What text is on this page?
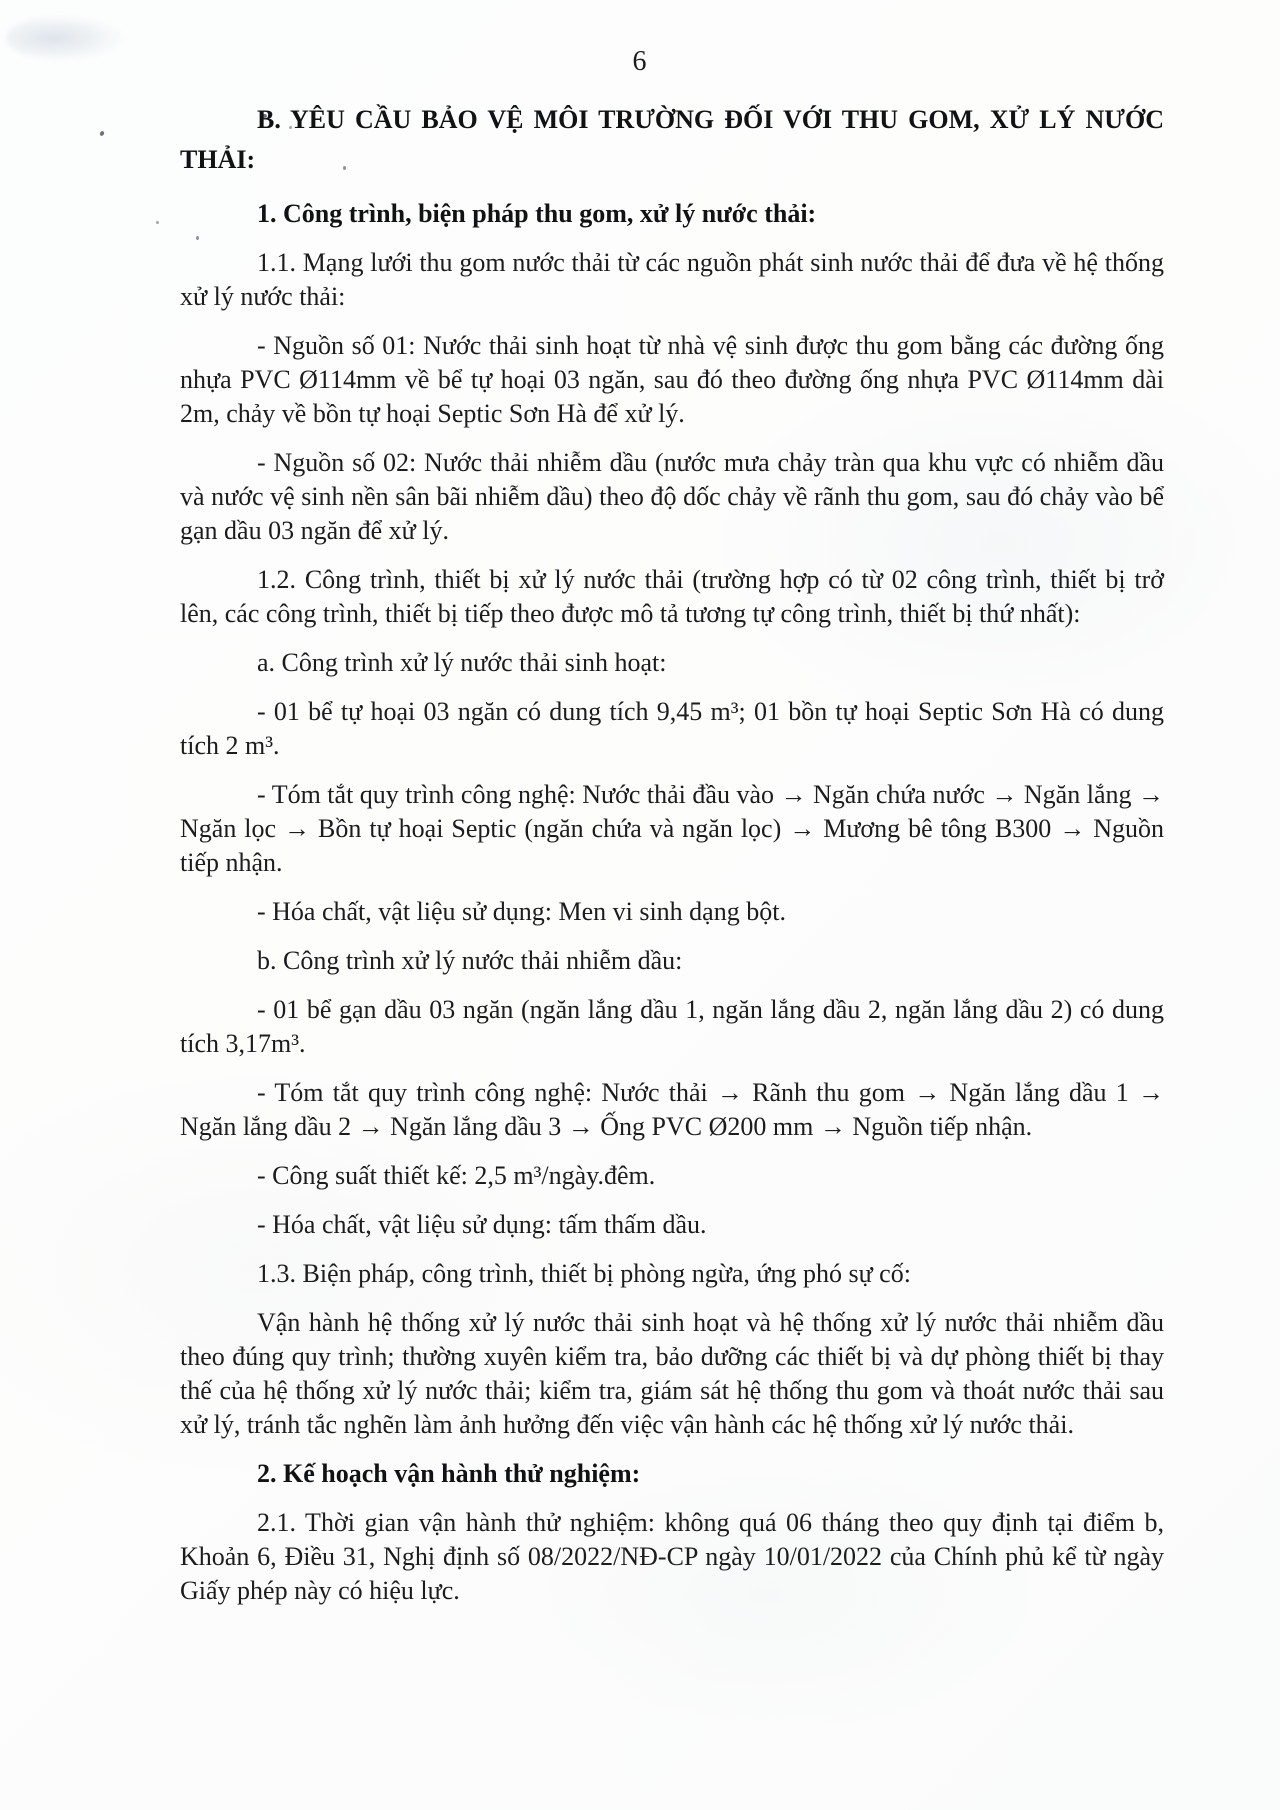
6

B. YÊU CẦU BẢO VỆ MÔI TRƯỜNG ĐỐI VỚI THU GOM, XỬ LÝ NƯỚC THẢI:

1. Công trình, biện pháp thu gom, xử lý nước thải:

1.1. Mạng lưới thu gom nước thải từ các nguồn phát sinh nước thải để đưa về hệ thống xử lý nước thải:

- Nguồn số 01: Nước thải sinh hoạt từ nhà vệ sinh được thu gom bằng các đường ống nhựa PVC Ø114mm về bể tự hoại 03 ngăn, sau đó theo đường ống nhựa PVC Ø114mm dài 2m, chảy về bồn tự hoại Septic Sơn Hà để xử lý.

- Nguồn số 02: Nước thải nhiễm dầu (nước mưa chảy tràn qua khu vực có nhiễm dầu và nước vệ sinh nền sân bãi nhiễm dầu) theo độ dốc chảy về rãnh thu gom, sau đó chảy vào bể gạn dầu 03 ngăn để xử lý.

1.2. Công trình, thiết bị xử lý nước thải (trường hợp có từ 02 công trình, thiết bị trở lên, các công trình, thiết bị tiếp theo được mô tả tương tự công trình, thiết bị thứ nhất):

a. Công trình xử lý nước thải sinh hoạt:

- 01 bể tự hoại 03 ngăn có dung tích 9,45 m³; 01 bồn tự hoại Septic Sơn Hà có dung tích 2 m³.

- Tóm tắt quy trình công nghệ: Nước thải đầu vào → Ngăn chứa nước → Ngăn lắng → Ngăn lọc → Bồn tự hoại Septic (ngăn chứa và ngăn lọc) → Mương bê tông B300 → Nguồn tiếp nhận.

- Hóa chất, vật liệu sử dụng: Men vi sinh dạng bột.

b. Công trình xử lý nước thải nhiễm dầu:

- 01 bể gạn dầu 03 ngăn (ngăn lắng dầu 1, ngăn lắng dầu 2, ngăn lắng dầu 2) có dung tích 3,17m³.

- Tóm tắt quy trình công nghệ: Nước thải → Rãnh thu gom → Ngăn lắng dầu 1 → Ngăn lắng dầu 2 → Ngăn lắng dầu 3 → Ống PVC Ø200 mm → Nguồn tiếp nhận.

- Công suất thiết kế: 2,5 m³/ngày.đêm.

- Hóa chất, vật liệu sử dụng: tấm thấm dầu.

1.3. Biện pháp, công trình, thiết bị phòng ngừa, ứng phó sự cố:

Vận hành hệ thống xử lý nước thải sinh hoạt và hệ thống xử lý nước thải nhiễm dầu theo đúng quy trình; thường xuyên kiểm tra, bảo dưỡng các thiết bị và dự phòng thiết bị thay thế của hệ thống xử lý nước thải; kiểm tra, giám sát hệ thống thu gom và thoát nước thải sau xử lý, tránh tắc nghẽn làm ảnh hưởng đến việc vận hành các hệ thống xử lý nước thải.

2. Kế hoạch vận hành thử nghiệm:

2.1. Thời gian vận hành thử nghiệm: không quá 06 tháng theo quy định tại điểm b, Khoản 6, Điều 31, Nghị định số 08/2022/NĐ-CP ngày 10/01/2022 của Chính phủ kể từ ngày Giấy phép này có hiệu lực.
